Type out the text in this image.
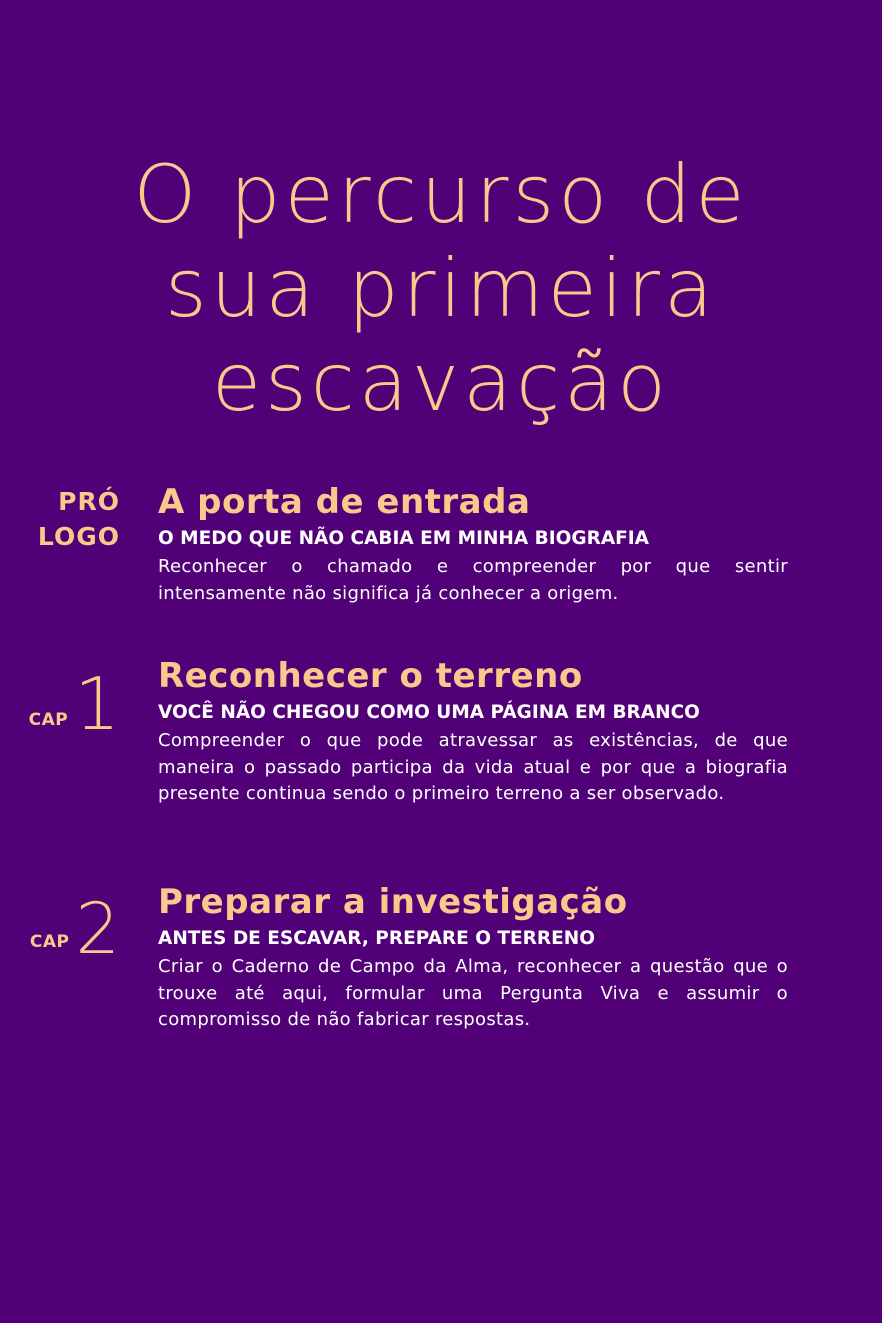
O percurso de
sua primeira
escavação
PRÓ
LOGO
A porta de entrada
O MEDO QUE NÃO CABIA EM MINHA BIOGRAFIA

Reconhecer o chamado e compreender por que sentir intensamente não significa já conhecer a origem.

CAP 1 Reconhecer o terreno
VOCÊ NÃO CHEGOU COMO UMA PÁGINA EM BRANCO

Compreender o que pode atravessar as existências, de que maneira o passado participa da vida atual e por que a biografia presente continua sendo o primeiro terreno a ser observado.

CAP 2 Preparar a investigação
ANTES DE ESCAVAR, PREPARE O TERRENO

Criar o Caderno de Campo da Alma, reconhecer a questão que o trouxe até aqui, formular uma Pergunta Viva e assumir o compromisso de não fabricar respostas.
